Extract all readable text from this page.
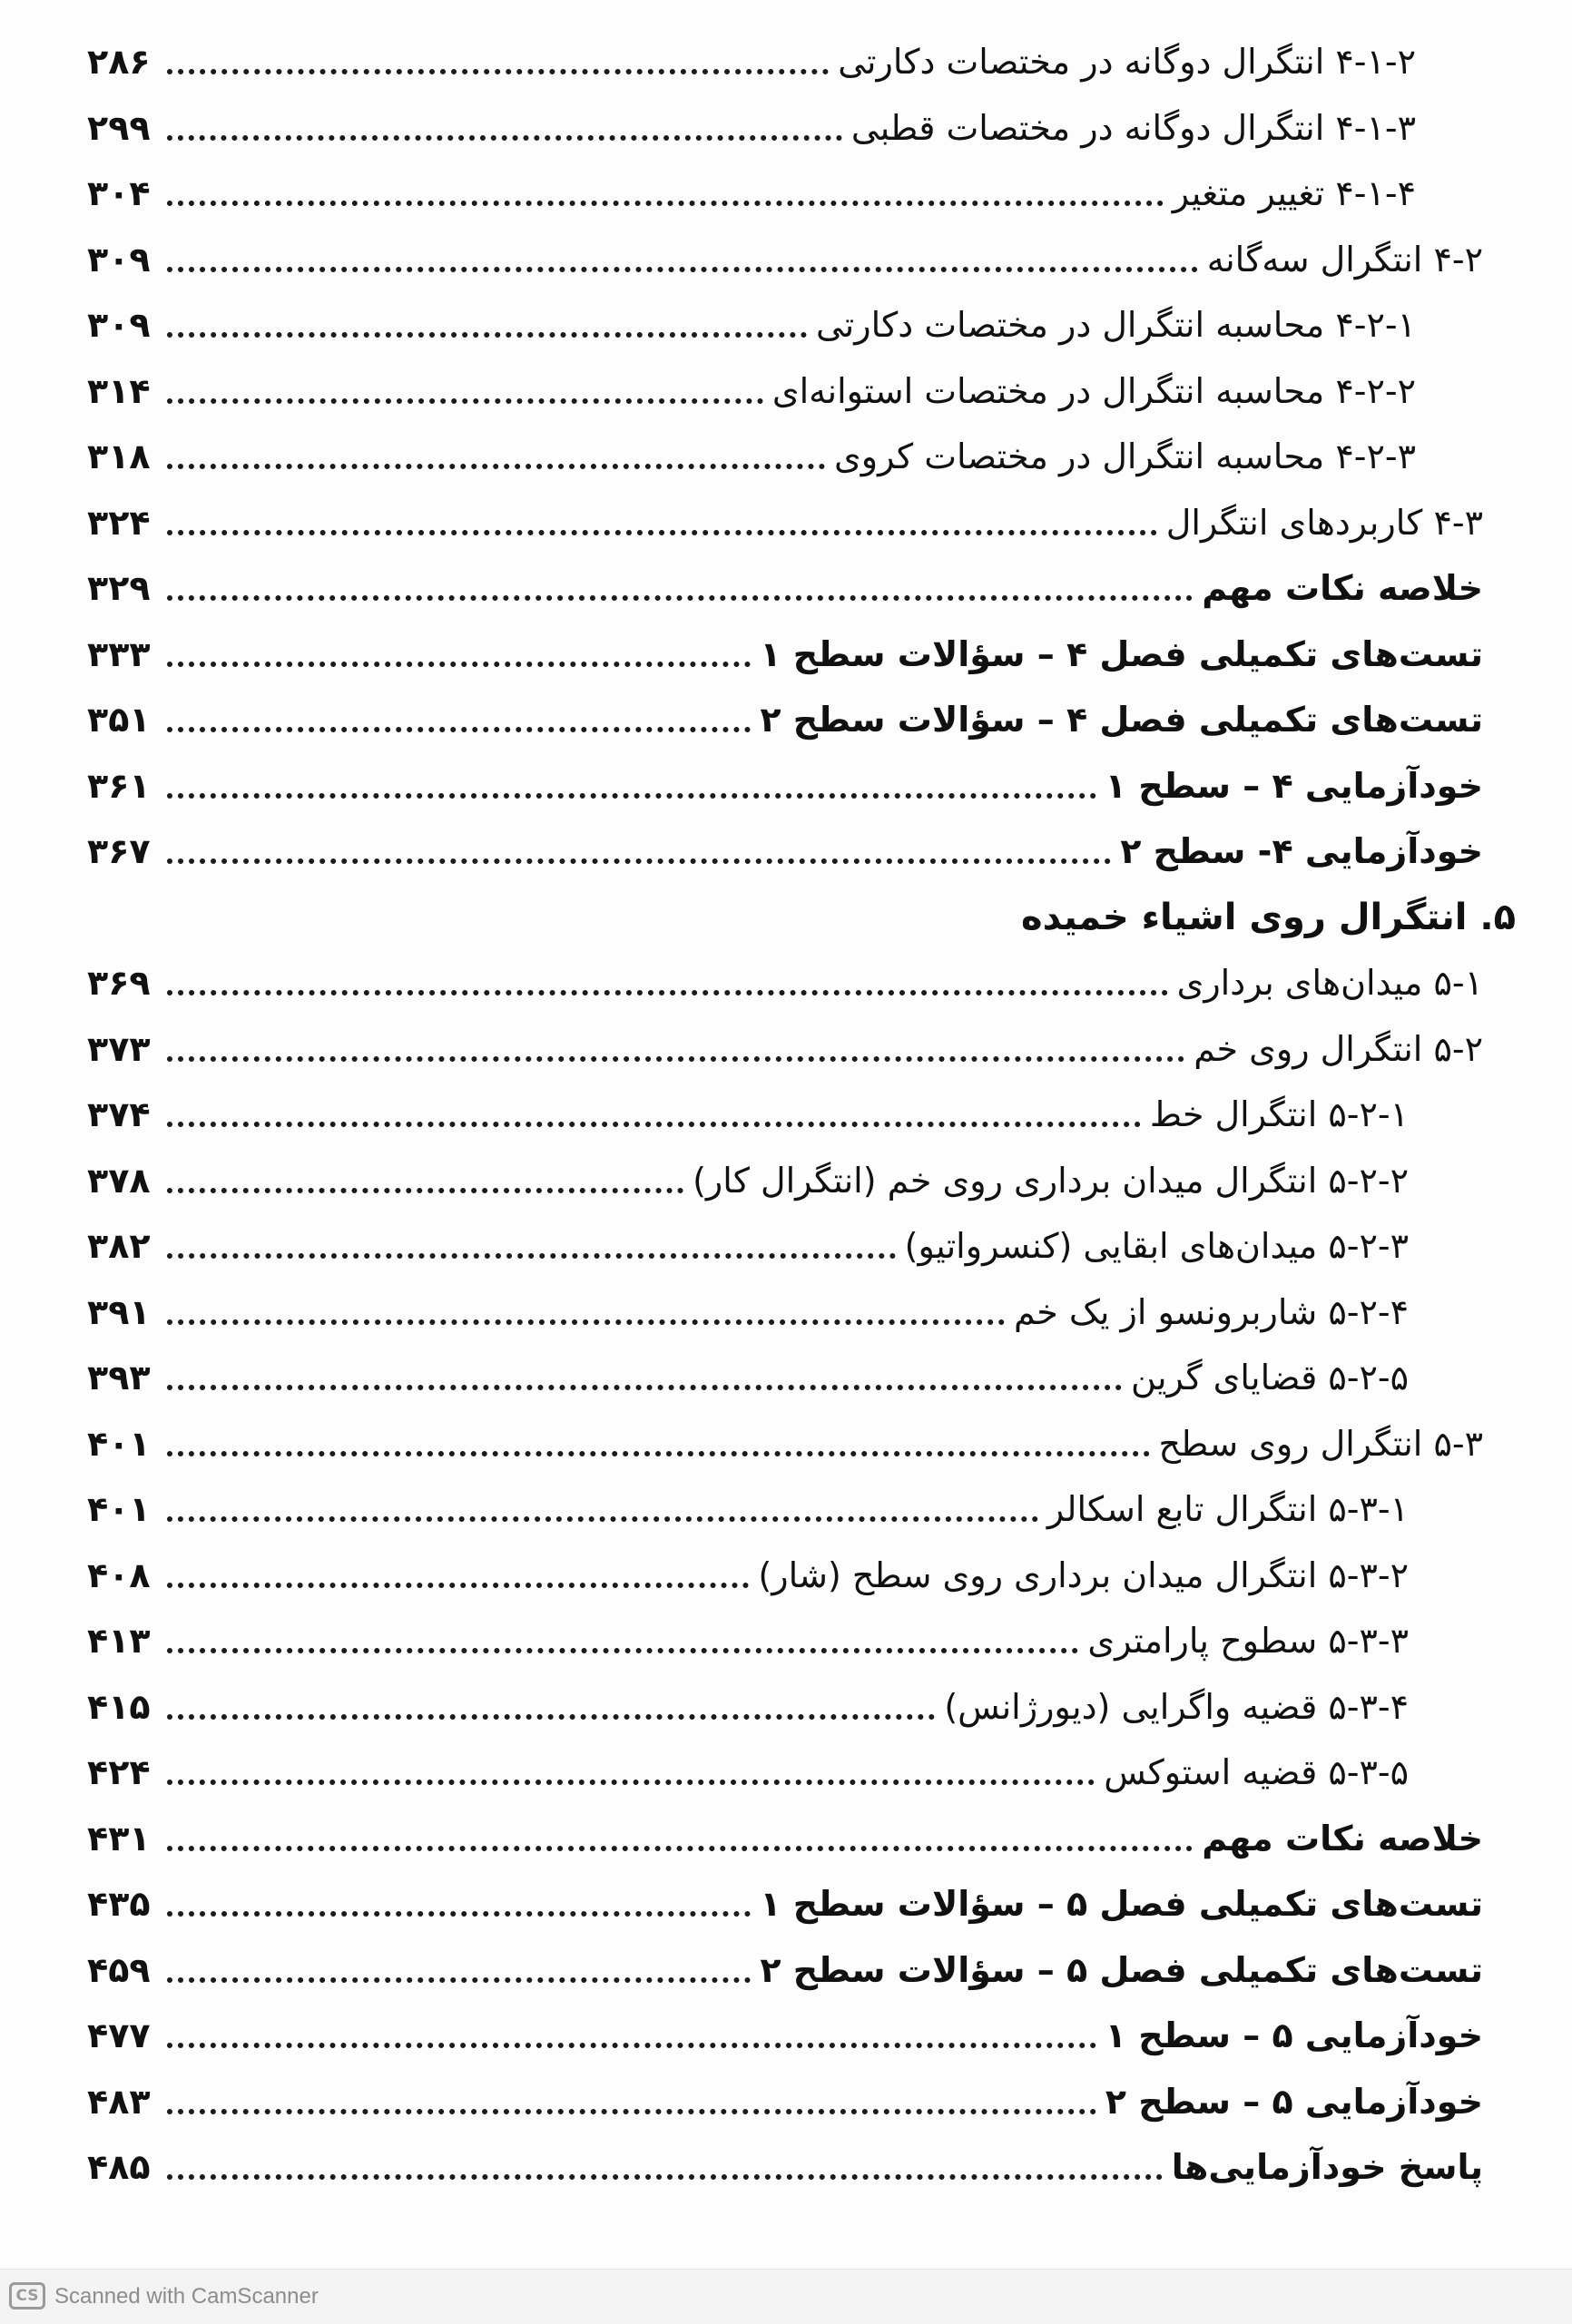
۵. انتگرال روی اشیاء خمیده
۴-۱-۲ انتگرال دوگانه در مختصات دکارتی
۲۸۶
۴-۱-۳ انتگرال دوگانه در مختصات قطبی
۲۹۹
۴-۱-۴ تغییر متغیر
۳۰۴
۴-۲ انتگرال سه‌گانه
۳۰۹
۴-۲-۱ محاسبه انتگرال در مختصات دکارتی
۳۰۹
۴-۲-۲ محاسبه انتگرال در مختصات استوانه‌ای
۳۱۴
۴-۲-۳ محاسبه انتگرال در مختصات کروی
۳۱۸
۴-۳ کاربردهای انتگرال
۳۲۴
خلاصه نکات مهم
۳۲۹
تست‌های تکمیلی فصل ۴ – سؤالات سطح ۱
۳۳۳
تست‌های تکمیلی فصل ۴ – سؤالات سطح ۲
۳۵۱
خودآزمایی ۴ – سطح ۱
۳۶۱
خودآزمایی ۴- سطح ۲
۳۶۷
۵-۱ میدان‌های برداری
۳۶۹
۵-۲ انتگرال روی خم
۳۷۳
۵-۲-۱ انتگرال خط
۳۷۴
۵-۲-۲ انتگرال میدان برداری روی خم (انتگرال کار)
۳۷۸
۵-۲-۳ میدان‌های ابقایی (کنسرواتیو)
۳۸۲
۵-۲-۴ شاربرونسو از یک خم
۳۹۱
۵-۲-۵ قضایای گرین
۳۹۳
۵-۳ انتگرال روی سطح
۴۰۱
۵-۳-۱ انتگرال تابع اسکالر
۴۰۱
۵-۳-۲ انتگرال میدان برداری روی سطح (شار)
۴۰۸
۵-۳-۳ سطوح پارامتری
۴۱۳
۵-۳-۴ قضیه واگرایی (دیورژانس)
۴۱۵
۵-۳-۵ قضیه استوکس
۴۲۴
خلاصه نکات مهم
۴۳۱
تست‌های تکمیلی فصل ۵ – سؤالات سطح ۱
۴۳۵
تست‌های تکمیلی فصل ۵ – سؤالات سطح ۲
۴۵۹
خودآزمایی ۵ – سطح ۱
۴۷۷
خودآزمایی ۵ – سطح ۲
۴۸۳
پاسخ خودآزمایی‌ها
۴۸۵
CS Scanned with CamScanner
